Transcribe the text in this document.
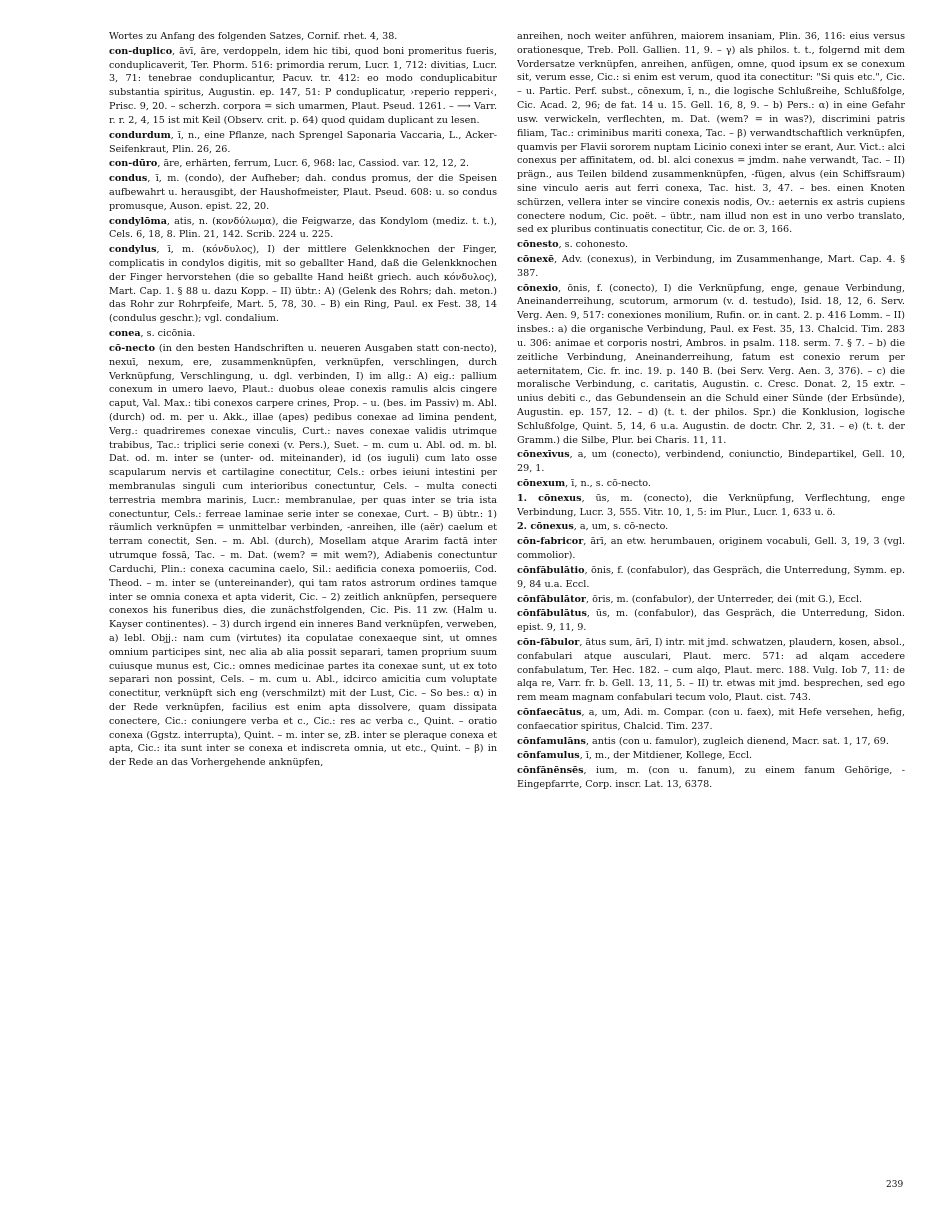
Wortes zu Anfang des folgenden Satzes, Cornif. rhet. 4, 38.

con-duplico, āvī, āre, verdoppeln, idem hic tibi, quod boni promeritus fueris, conduplicaverit, Ter. Phorm. 516: primordia rerum, Lucr. 1, 712: divitias, Lucr. 3, 71: tenebrae conduplicantur, Pacuv. tr. 412: eo modo conduplicabitur substantia spiritus, Augustin. ep. 147, 51: P conduplicatur, ›reperio repperi‹, Prisc. 9, 20. – scherzh. corpora = sich umarmen, Plaut. Pseud. 1261. – ⟶ Varr. r. r. 2, 4, 15 ist mit Keil (Observ. crit. p. 64) quod quidam duplicant zu lesen.

condurdum, ī, n., eine Pflanze, nach Sprengel Saponaria Vaccaria, L., Acker-Seifenkraut, Plin. 26, 26.

con-dūro, āre, erhärten, ferrum, Lucr. 6, 968: lac, Cassiod. var. 12, 12, 2.

condus, ī, m. (condo), der Aufheber; dah. condus promus, der die Speisen aufbewahrt u. herausgibt, der Haushofmeister, Plaut. Pseud. 608: u. so condus promusque, Auson. epist. 22, 20.

condylōma, atis, n. (κονδύλωμα), die Feigwarze, das Kondylom (mediz. t. t.), Cels. 6, 18, 8. Plin. 21, 142. Scrib. 224 u. 225.

condylus, ī, m. (κόνδυλος), I) der mittlere Gelenkknochen der Finger, complicatis in condylos digitis, mit so geballter Hand, daß die Gelenkknochen der Finger hervorstehen (die so geballte Hand heißt griech. auch κόνδυλος), Mart. Cap. 1. § 88 u. dazu Kopp. – II) übtr.: A) (Gelenk des Rohrs; dah. meton.) das Rohr zur Rohrpfeife, Mart. 5, 78, 30. – B) ein Ring, Paul. ex Fest. 38, 14 (condulus geschr.); vgl. condalium.

conea, s. cicōnia.

cō-necto (in den besten Handschriften u. neueren Ausgaben statt con-necto), nexuī, nexum, ere, zusammenknüpfen, verknüpfen, verschlingen, durch Verknüpfung, Verschlingung, u. dgl. verbinden, I) im allg.: A) eig.: pallium conexum in umero laevo, Plaut.: duobus oleae conexis ramulis alcis cingere caput, Val. Max.: tibi conexos carpere crines, Prop. – u. (bes. im Passiv) m. Abl. (durch) od. m. per u. Akk., illae (apes) pedibus conexae ad limina pendent, Verg.: quadriremes conexae vinculis, Curt.: naves conexae validis utrimque trabibus, Tac.: triplici serie conexi (v. Pers.), Suet. – m. cum u. Abl. od. m. bl. Dat. od. m. inter se (unter- od. miteinander), id (os iuguli) cum lato osse scapularum nervis et cartilagine conectitur, Cels.: orbes ieiuni intestini per membranulas singuli cum interioribus conectuntur, Cels. – multa conecti terrestria membra marinis, Lucr.: membranulae, per quas inter se tria ista conectuntur, Cels.: ferreae laminae serie inter se conexae, Curt. – B) übtr.: 1) räumlich verknüpfen = unmittelbar verbinden, -anreihen, ille (aër) caelum et terram conectit, Sen. – m. Abl. (durch), Mosellam atque Ararim factā inter utrumque fossā, Tac. – m. Dat. (wem? = mit wem?), Adiabenis conectuntur Carduchi, Plin.: conexa cacumina caelo, Sil.: aedificia conexa pomoeriis, Cod. Theod. – m. inter se (untereinander), qui tam ratos astrorum ordines tamque inter se omnia conexa et apta viderit, Cic. – 2) zeitlich anknüpfen, persequere conexos his funeribus dies, die zunächstfolgenden, Cic. Pis. 11 zw. (Halm u. Kayser continentes). – 3) durch irgend ein inneres Band verknüpfen, verweben, a) lebl. Objj.: nam cum (virtutes) ita copulatae conexaeque sint, ut omnes omnium participes sint, nec alia ab alia possit separari, tamen proprium suum cuiusque munus est, Cic.: omnes medicinae partes ita conexae sunt, ut ex toto separari non possint, Cels. – m. cum u. Abl., idcirco amicitia cum voluptate conectitur, verknüpft sich eng (verschmilzt) mit der Lust, Cic. – So bes.: α) in der Rede verknüpfen, facilius est enim apta dissolvere, quam dissipata conectere, Cic.: coniungere verba et c., Cic.: res ac verba c., Quint. – oratio conexa (Ggstz. interrupta), Quint. – m. inter se, zB. inter se pleraque conexa et apta, Cic.: ita sunt inter se conexa et indiscreta omnia, ut etc., Quint. – β) in der Rede an das Vorhergehende anknüpfen,

anreihen, noch weiter anführen, maiorem insaniam, Plin. 36, 116: eius versus orationesque, Treb. Poll. Gallien. 11, 9. – γ) als philos. t. t., folgernd mit dem Vordersatze verknüpfen, anreihen, anfügen, omne, quod ipsum ex se conexum sit, verum esse, Cic.: si enim est verum, quod ita conectitur: "Si quis etc.", Cic. – u. Partic. Perf. subst., cōnexum, ī, n., die logische Schlußreihe, Schlußfolge, Cic. Acad. 2, 96; de fat. 14 u. 15. Gell. 16, 8, 9. – b) Pers.: α) in eine Gefahr usw. verwickeln, verflechten, m. Dat. (wem? = in was?), discrimini patris filiam, Tac.: criminibus mariti conexa, Tac. – β) verwandtschaftlich verknüpfen, quamvis per Flavii sororem nuptam Licinio conexi inter se erant, Aur. Vict.: alci conexus per affinitatem, od. bl. alci conexus = jmdm. nahe verwandt, Tac. – II) prägn., aus Teilen bildend zusammenknüpfen, -fügen, alvus (ein Schiffsraum) sine vinculo aeris aut ferri conexa, Tac. hist. 3, 47. – bes. einen Knoten schürzen, vellera inter se vincire conexis nodis, Ov.: aeternis ex astris cupiens conectere nodum, Cic. poët. – übtr., nam illud non est in uno verbo translato, sed ex pluribus continuatis conectitur, Cic. de or. 3, 166.

cōnesto, s. cohonesto.

cōnexē, Adv. (conexus), in Verbindung, im Zusammenhange, Mart. Cap. 4. § 387.

cōnexio, ōnis, f. (conecto), I) die Verknüpfung, enge, genaue Verbindung, Aneinanderreihung, scutorum, armorum (v. d. testudo), Isid. 18, 12, 6. Serv. Verg. Aen. 9, 517: conexiones monilium, Rufin. or. in cant. 2. p. 416 Lomm. – II) insbes.: a) die organische Verbindung, Paul. ex Fest. 35, 13. Chalcid. Tim. 283 u. 306: animae et corporis nostri, Ambros. in psalm. 118. serm. 7. § 7. – b) die zeitliche Verbindung, Aneinanderreihung, fatum est conexio rerum per aeternitatem, Cic. fr. inc. 19. p. 140 B. (bei Serv. Verg. Aen. 3, 376). – c) die moralische Verbindung, c. caritatis, Augustin. c. Cresc. Donat. 2, 15 extr. – unius debiti c., das Gebundensein an die Schuld einer Sünde (der Erbsünde), Augustin. ep. 157, 12. – d) (t. t. der philos. Spr.) die Konklusion, logische Schlußfolge, Quint. 5, 14, 6 u.a. Augustin. de doctr. Chr. 2, 31. – e) (t. t. der Gramm.) die Silbe, Plur. bei Charis. 11, 11.

cōnexīvus, a, um (conecto), verbindend, coniunctio, Bindepartikel, Gell. 10, 29, 1.

cōnexum, ī, n., s. cō-necto.

1. cōnexus, ūs, m. (conecto), die Verknüpfung, Verflechtung, enge Verbindung, Lucr. 3, 555. Vitr. 10, 1, 5: im Plur., Lucr. 1, 633 u. ö.

2. cōnexus, a, um, s. cō-necto.

cōn-fabricor, ārī, an etw. herumbauen, originem vocabuli, Gell. 3, 19, 3 (vgl. commolior).

cōnfābulātio, ōnis, f. (confabulor), das Gespräch, die Unterredung, Symm. ep. 9, 84 u.a. Eccl.

cōnfābulātor, ōris, m. (confabulor), der Unterreder, dei (mit G.), Eccl.

cōnfābulātus, ūs, m. (confabulor), das Gespräch, die Unterredung, Sidon. epist. 9, 11, 9.

cōn-fābulor, ātus sum, ārī, I) intr. mit jmd. schwatzen, plaudern, kosen, absol., confabulari atque ausculari, Plaut. merc. 571: ad alqam accedere confabulatum, Ter. Hec. 182. – cum alqo, Plaut. merc. 188. Vulg. Iob 7, 11: de alqa re, Varr. fr. b. Gell. 13, 11, 5. – II) tr. etwas mit jmd. besprechen, sed ego rem meam magnam confabulari tecum volo, Plaut. cist. 743.

cōnfaecātus, a, um, Adi. m. Compar. (con u. faex), mit Hefe versehen, hefig, confaecatior spiritus, Chalcid. Tim. 237.

cōnfamulāns, antis (con u. famulor), zugleich dienend, Macr. sat. 1, 17, 69.

cōnfamulus, ī, m., der Mitdiener, Kollege, Eccl.

cōnfānēnsēs, ium, m. (con u. fanum), zu einem fanum Gehörige, -Eingepfarrte, Corp. inscr. Lat. 13, 6378.

239
